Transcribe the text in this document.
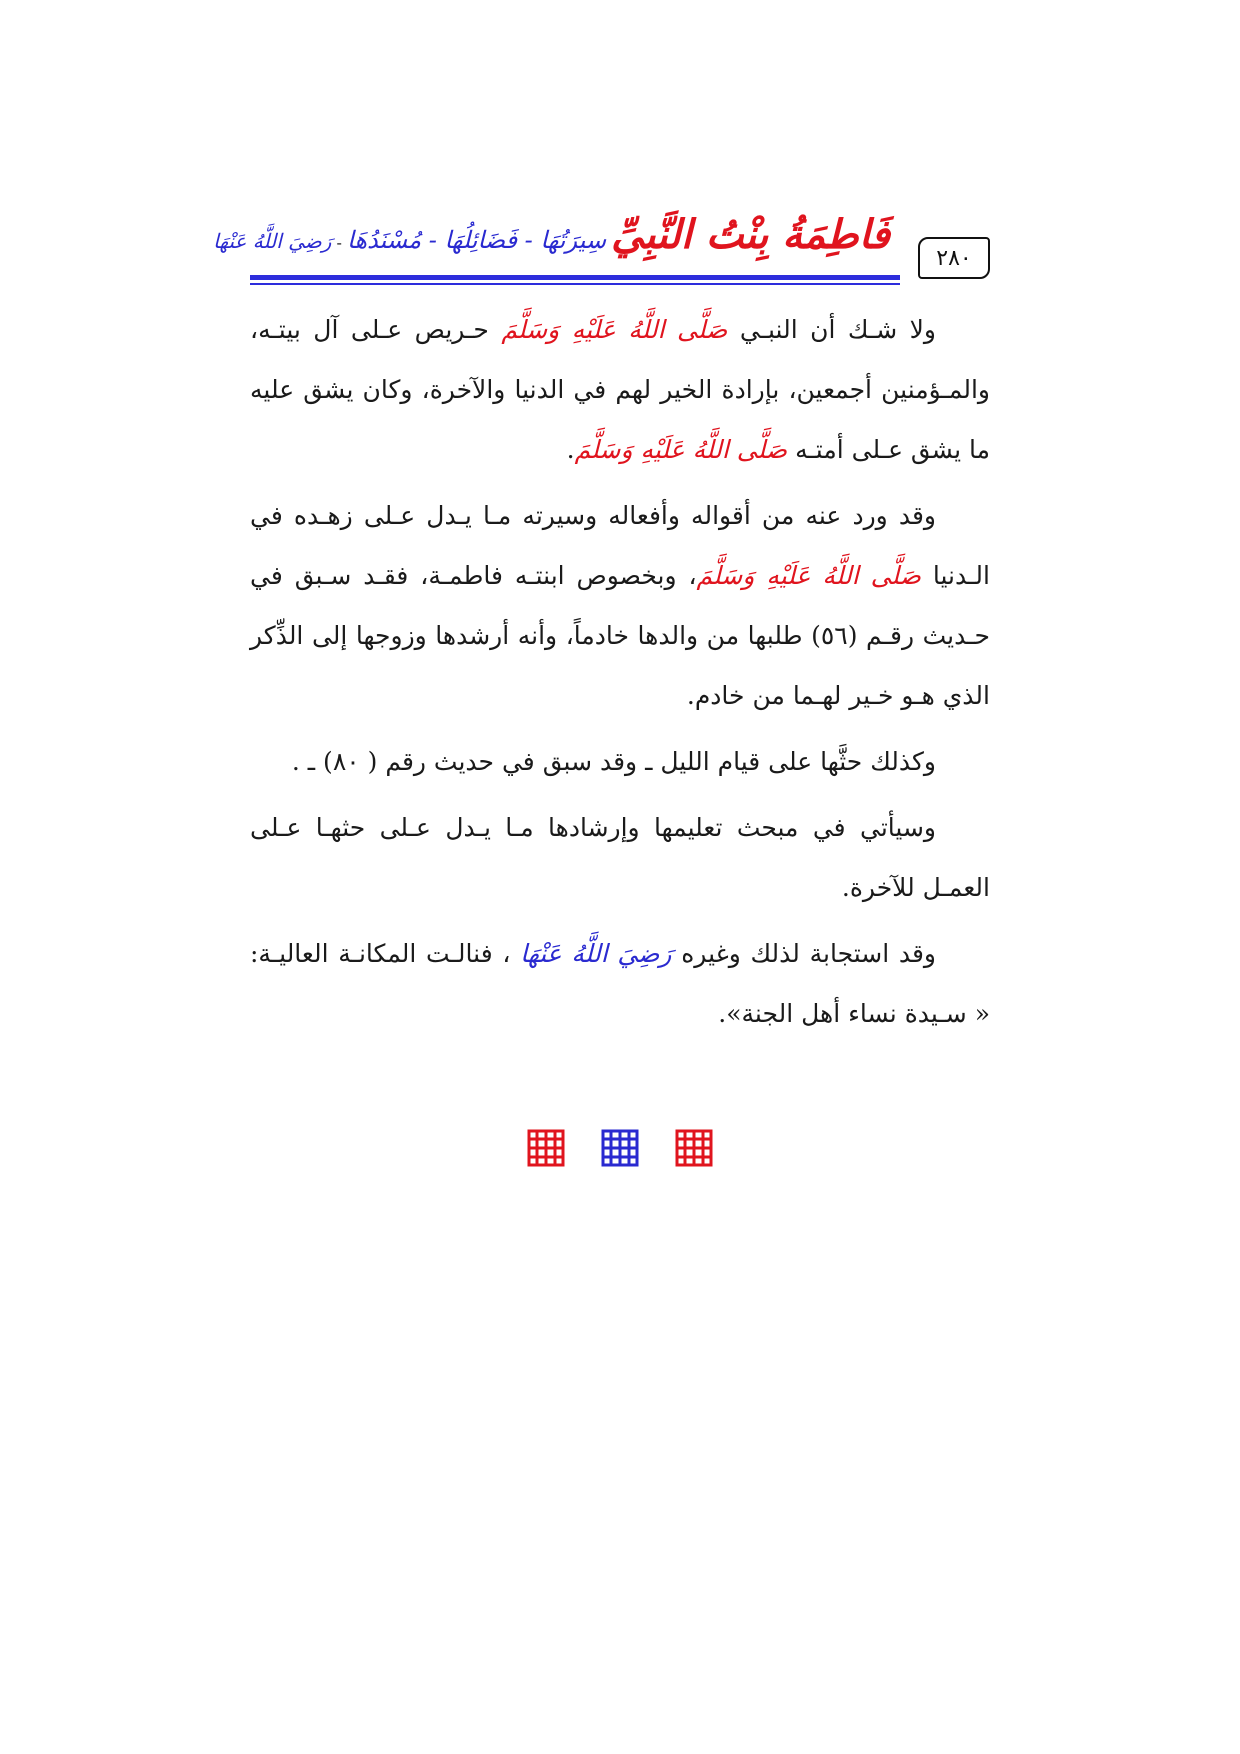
فَاطِمَةُ بِنْتُ النَّبِيِّ سِيرَتُهَا - فَضَائِلُهَا - مُسْنَدُهَا - رَضِيَ اللَّهُ عَنْهَا
٢٨٠

ولا شـك أن النبـي صَلَّى اللَّهُ عَلَيْهِ وَسَلَّمَ حـريص عـلى آل بيتـه، والمـؤمنين أجمعين، بإرادة الخير لهم في الدنيا والآخرة، وكان يشق عليه ما يشق عـلى أمتـه صَلَّى اللَّهُ عَلَيْهِ وَسَلَّمَ.

وقد ورد عنه من أقواله وأفعاله وسيرته مـا يـدل عـلى زهـده في الـدنيا صَلَّى اللَّهُ عَلَيْهِ وَسَلَّمَ، وبخصوص ابنتـه فاطمـة، فقـد سـبق في حـديث رقـم (٥٦) طلبها من والدها خادماً، وأنه أرشدها وزوجها إلى الذِّكر الذي هـو خـير لهـما من خادم.

وكذلك حثَّها على قيام الليل ـ وقد سبق في حديث رقم ( ٨٠) ـ .

وسيأتي في مبحث تعليمها وإرشادها مـا يـدل عـلى حثهـا عـلى العمـل للآخرة.

وقد استجابة لذلك وغيره رَضِيَ اللَّهُ عَنْهَا ، فنالـت المكانـة العاليـة: « سـيدة نساء أهل الجنة».
